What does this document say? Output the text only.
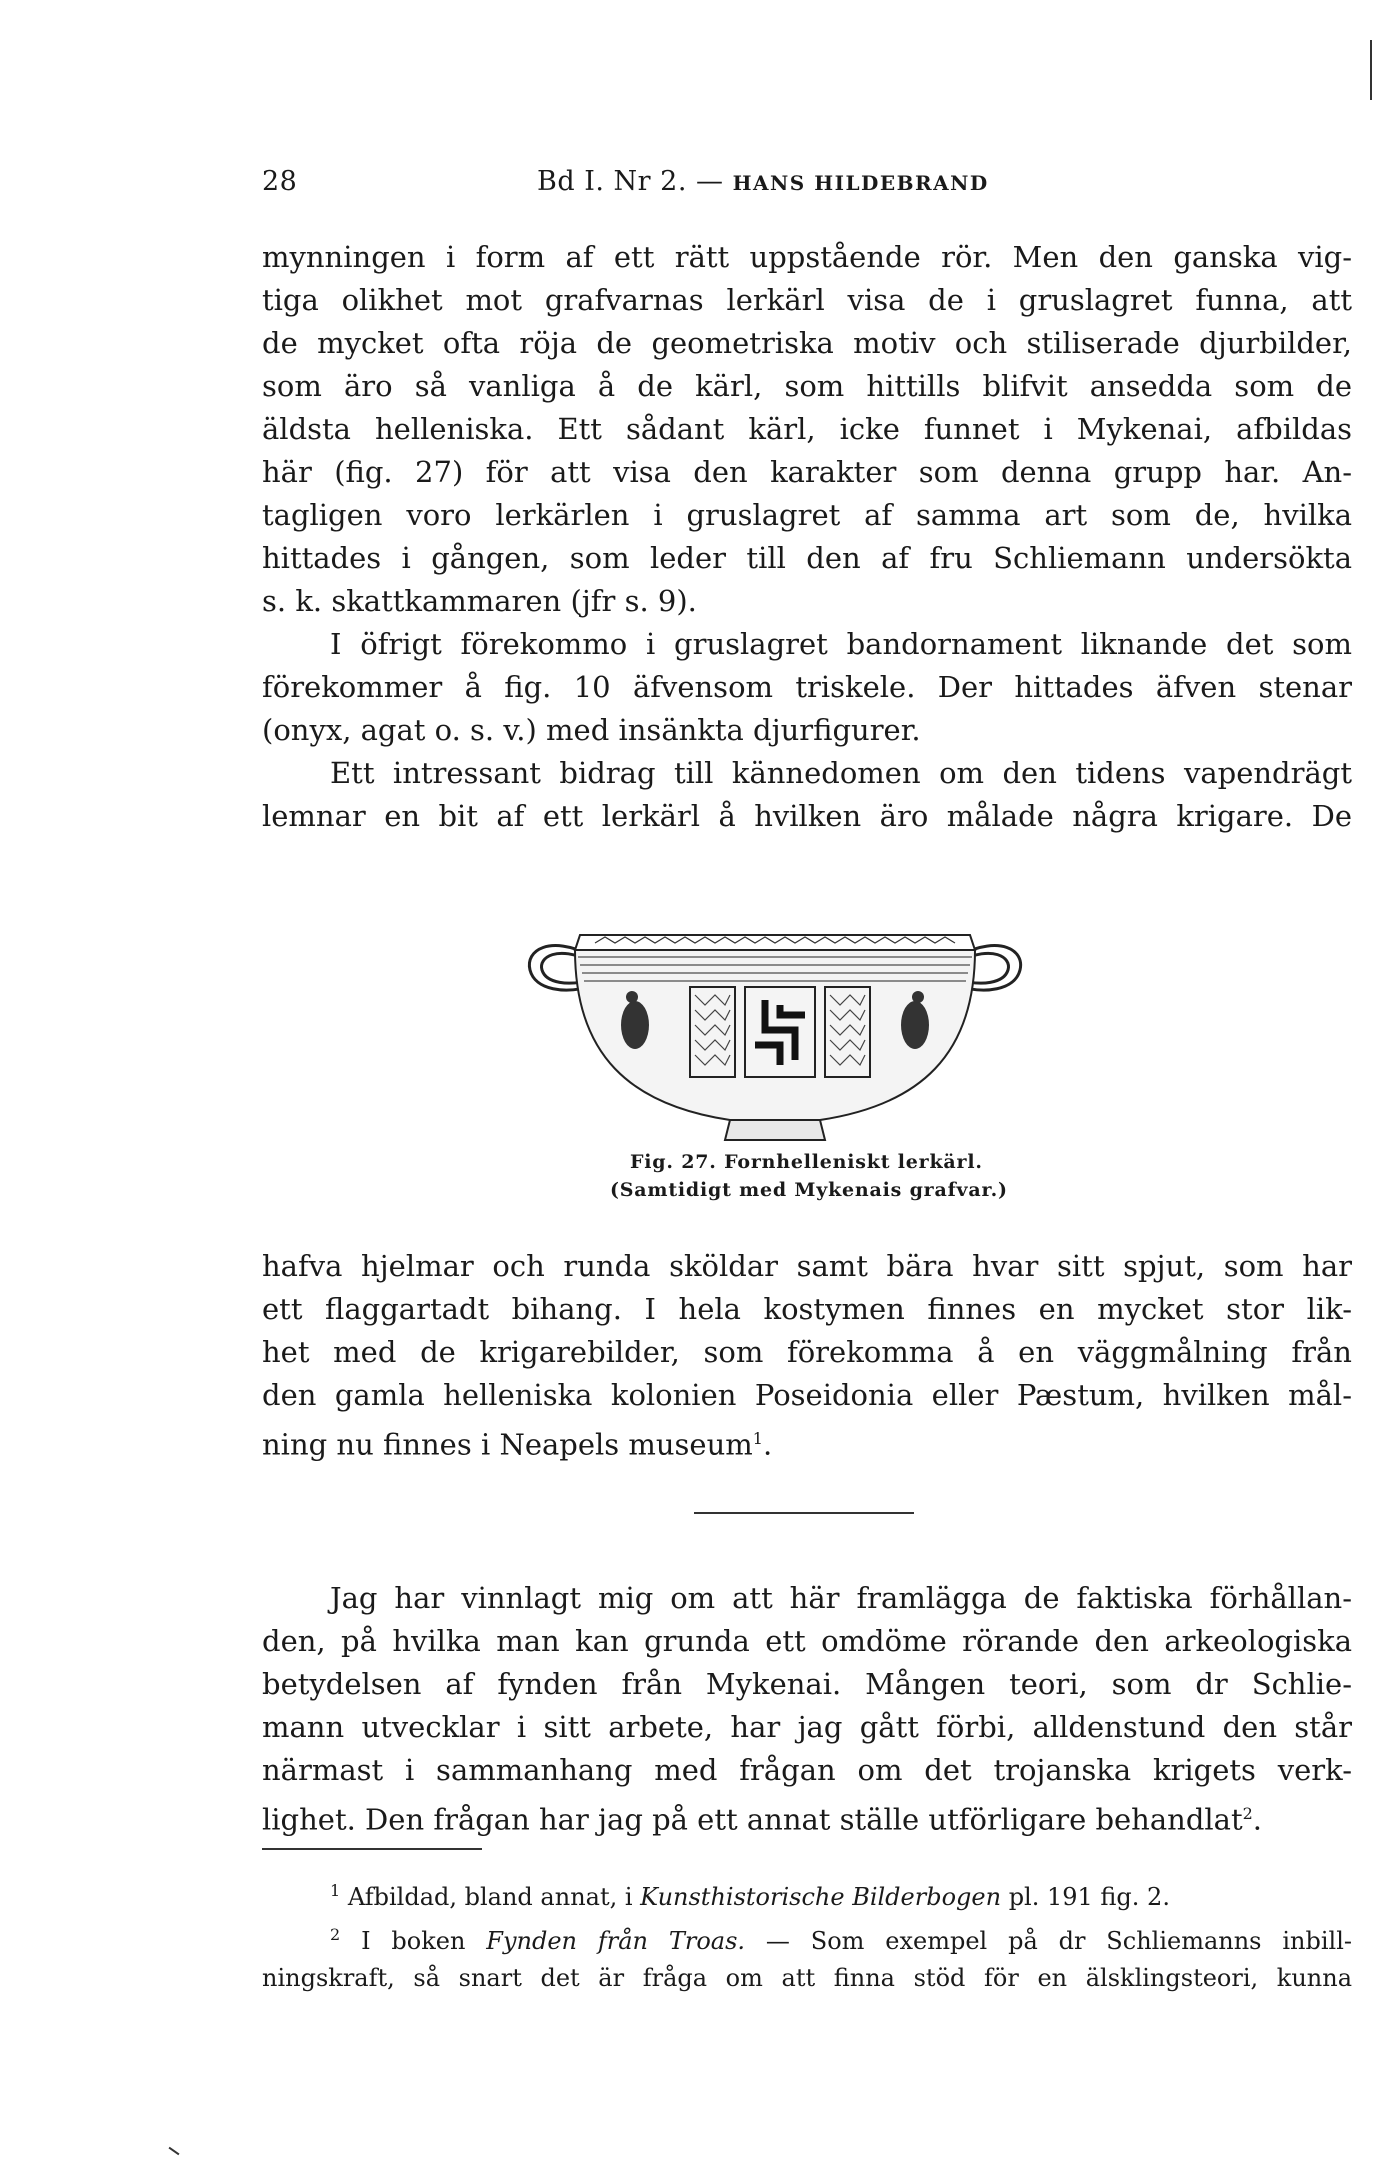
28	Bd I. Nr 2. — HANS HILDEBRAND
mynningen i form af ett rätt uppstående rör. Men den ganska vig-
tiga olikhet mot grafvarnas lerkärl visa de i gruslagret funna, att
de mycket ofta röja de geometriska motiv och stiliserade djurbilder,
som äro så vanliga å de kärl, som hittills blifvit ansedda som de
äldsta helleniska. Ett sådant kärl, icke funnet i Mykenai, afbildas
här (fig. 27) för att visa den karakter som denna grupp har. An-
tagligen voro lerkärlen i gruslagret af samma art som de, hvilka
hittades i gången, som leder till den af fru Schliemann undersökta
s. k. skattkammaren (jfr s. 9).
I öfrigt förekommo i gruslagret bandornament liknande det som
förekommer å fig. 10 äfvensom triskele. Der hittades äfven stenar
(onyx, agat o. s. v.) med insänkta djurfigurer.
Ett intressant bidrag till kännedomen om den tidens vapendrägt
lemnar en bit af ett lerkärl å hvilken äro målade några krigare. De
Fig. 27. Fornhelleniskt lerkärl.
(Samtidigt med Mykenais grafvar.)
hafva hjelmar och runda sköldar samt bära hvar sitt spjut, som har
ett flaggartadt bihang. I hela kostymen finnes en mycket stor lik-
het med de krigarebilder, som förekomma å en väggmålning från
den gamla helleniska kolonien Poseidonia eller Pæstum, hvilken mål-
ning nu finnes i Neapels museum$^1$.
Jag har vinnlagt mig om att här framlägga de faktiska förhållan-
den, på hvilka man kan grunda ett omdöme rörande den arkeologiska
betydelsen af fynden från Mykenai. Mången teori, som dr Schlie-
mann utvecklar i sitt arbete, har jag gått förbi, alldenstund den står
närmast i sammanhang med frågan om det trojanska krigets verk-
lighet. Den frågan har jag på ett annat ställe utförligare behandlat$^2$.
$^1$ Afbildad, bland annat, i Kunsthistorische Bilderbogen pl. 191 fig. 2.
$^2$ I boken Fynden från Troas. — Som exempel på dr Schliemanns inbill-
ningskraft, så snart det är fråga om att finna stöd för en älsklingsteori, kunna
